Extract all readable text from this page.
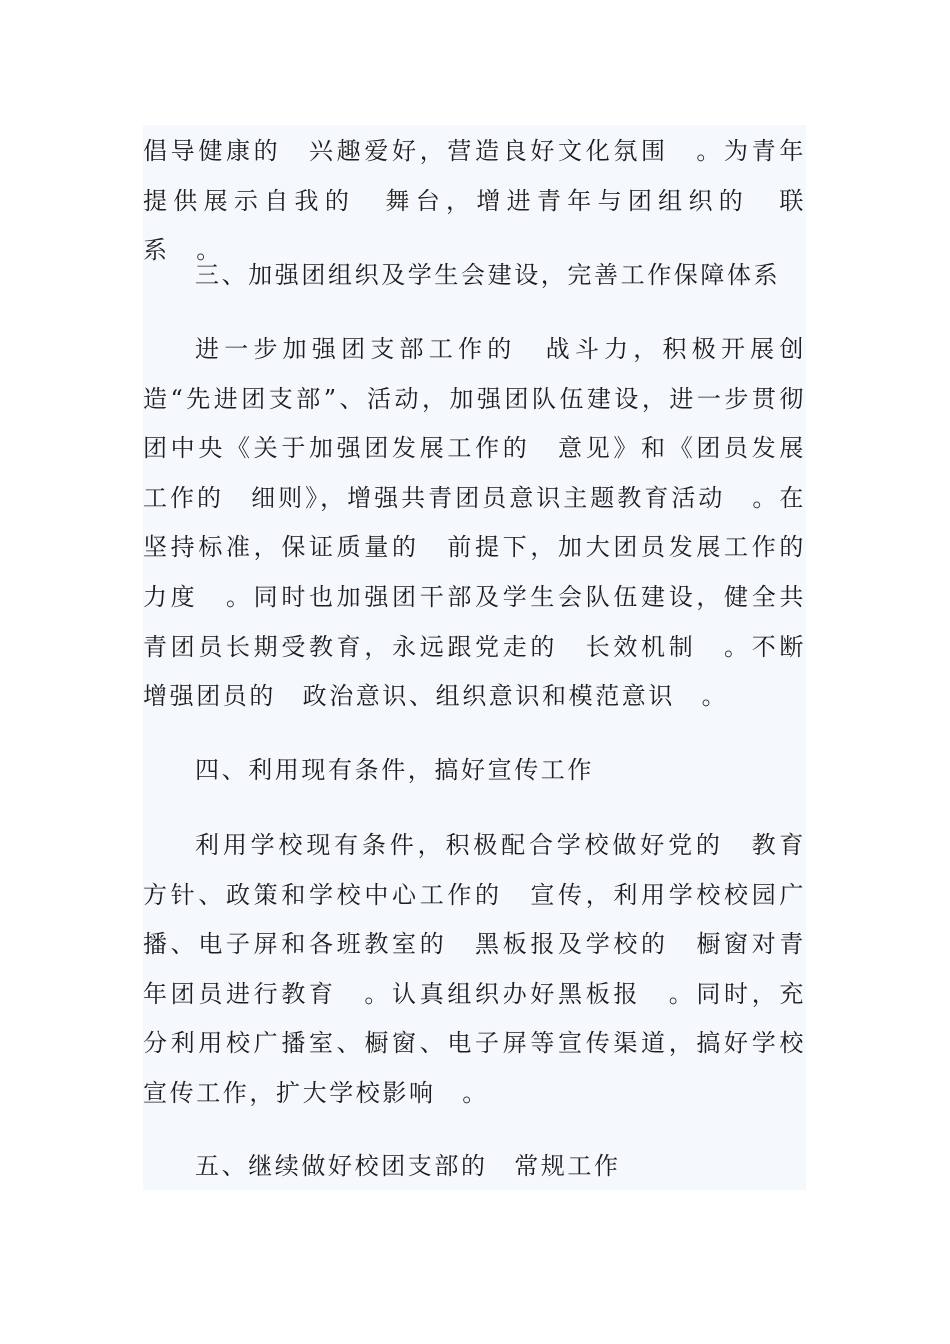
倡导健康的　兴趣爱好，营造良好文化氛围　。为青年提供展示自我的　舞台，增进青年与团组织的　联系　。

三、加强团组织及学生会建设，完善工作保障体系

进一步加强团支部工作的　战斗力，积极开展创造“先进团支部”、活动，加强团队伍建设，进一步贯彻团中央《关于加强团发展工作的　意见》和《团员发展工作的　细则》，增强共青团员意识主题教育活动　。在坚持标准，保证质量的　前提下，加大团员发展工作的　力度　。同时也加强团干部及学生会队伍建设，健全共青团员长期受教育，永远跟党走的　长效机制　。不断增强团员的　政治意识、组织意识和模范意识　。

四、利用现有条件，搞好宣传工作

利用学校现有条件，积极配合学校做好党的　教育方针、政策和学校中心工作的　宣传，利用学校校园广播、电子屏和各班教室的　黑板报及学校的　橱窗对青年团员进行教育　。认真组织办好黑板报　。同时，充分利用校广播室、橱窗、电子屏等宣传渠道，搞好学校宣传工作，扩大学校影响　。

五、继续做好校团支部的　常规工作
